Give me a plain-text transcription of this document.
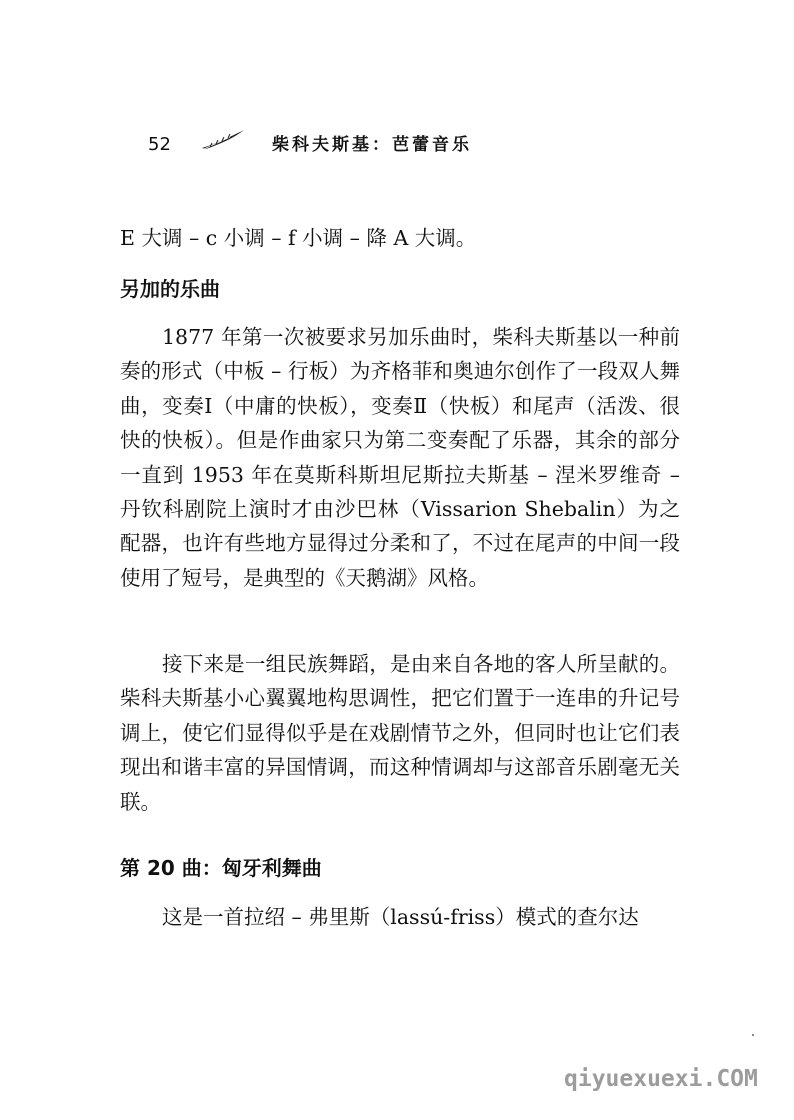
52	柴科夫斯基：芭蕾音乐
E 大调 – c 小调 – f 小调 – 降 A 大调。
另加的乐曲

1877 年第一次被要求另加乐曲时，柴科夫斯基以一种前奏的形式（中板 – 行板）为齐格菲和奥迪尔创作了一段双人舞曲，变奏Ⅰ（中庸的快板），变奏Ⅱ（快板）和尾声（活泼、很快的快板）。但是作曲家只为第二变奏配了乐器，其余的部分一直到 1953 年在莫斯科斯坦尼斯拉夫斯基 – 涅米罗维奇 – 丹钦科剧院上演时才由沙巴林（Vissarion Shebalin）为之配器，也许有些地方显得过分柔和了，不过在尾声的中间一段使用了短号，是典型的《天鹅湖》风格。

接下来是一组民族舞蹈，是由来自各地的客人所呈献的。柴科夫斯基小心翼翼地构思调性，把它们置于一连串的升记号调上，使它们显得似乎是在戏剧情节之外，但同时也让它们表现出和谐丰富的异国情调，而这种情调却与这部音乐剧毫无关联。

第 20 曲：匈牙利舞曲

这是一首拉绍 – 弗里斯（lassú-friss）模式的查尔达

qiyuexuexi.COM
